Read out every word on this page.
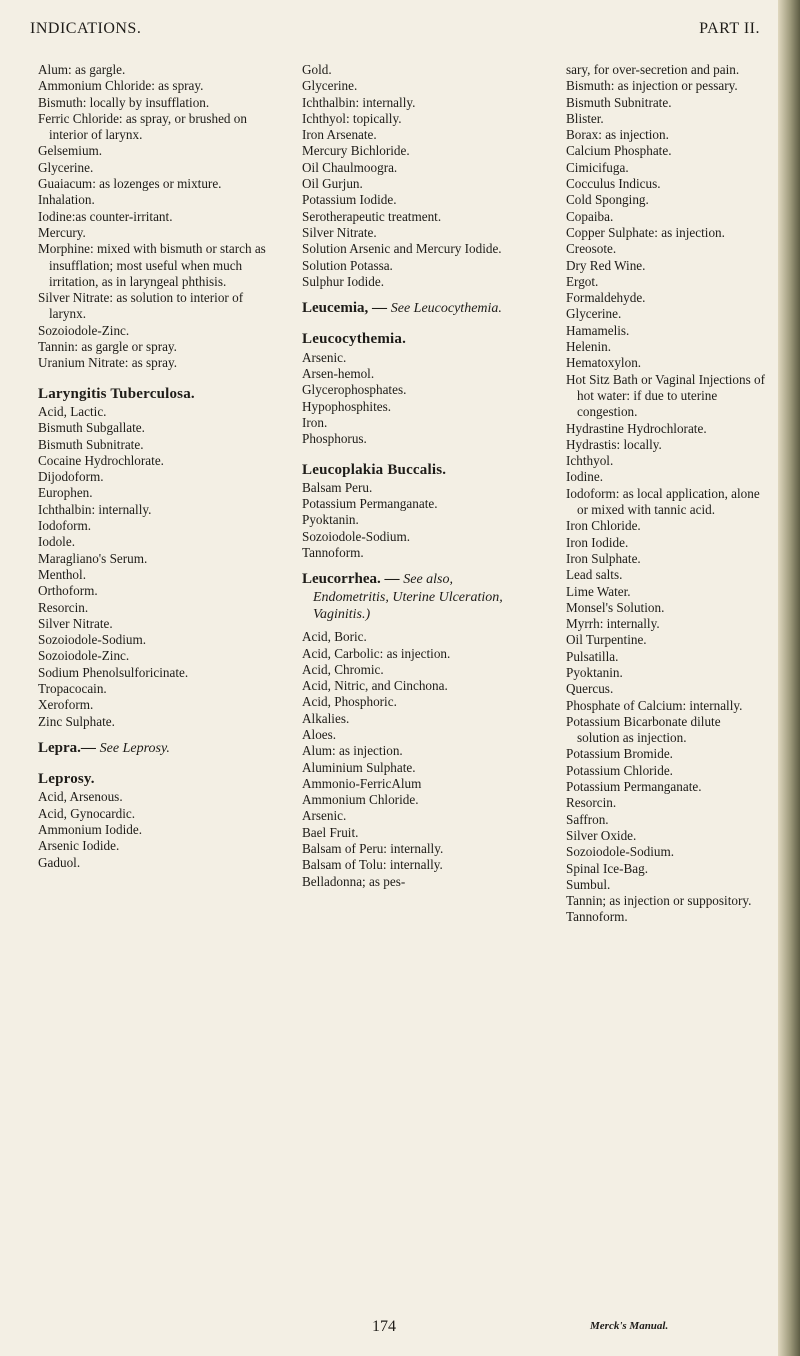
INDICATIONS.	PART II.
Alum: as gargle.
Ammonium Chloride: as spray.
Bismuth: locally by insufflation.
Ferric Chloride: as spray, or brushed on interior of larynx.
Gelsemium.
Glycerine.
Guaiacum: as lozenges or mixture.
Inhalation.
Iodine:as counter-irritant.
Mercury.
Morphine: mixed with bismuth or starch as insufflation; most useful when much irritation, as in laryngeal phthisis.
Silver Nitrate: as solution to interior of larynx.
Sozoiodole-Zinc.
Tannin: as gargle or spray.
Uranium Nitrate: as spray.
Laryngitis Tuberculosa.
Acid, Lactic.
Bismuth Subgallate.
Bismuth Subnitrate.
Cocaine Hydrochlorate.
Dijodoform.
Europhen.
Ichthalbin: internally.
Iodoform.
Iodole.
Maragliano's Serum.
Menthol.
Orthoform.
Resorcin.
Silver Nitrate.
Sozoiodole-Sodium.
Sozoiodole-Zinc.
Sodium Phenolsulforicinate.
Tropacocain.
Xeroform.
Zinc Sulphate.
Lepra.— See Leprosy.
Leprosy.
Acid, Arsenous.
Acid, Gynocardic.
Ammonium Iodide.
Arsenic Iodide.
Gaduol.
Gold.
Glycerine.
Ichthalbin: internally.
Ichthyol: topically.
Iron Arsenate.
Mercury Bichloride.
Oil Chaulmoogra.
Oil Gurjun.
Potassium Iodide.
Serotherapeutic treatment.
Silver Nitrate.
Solution Arsenic and Mercury Iodide.
Solution Potassa.
Sulphur Iodide.
Leucemia, — See Leucocythemia.
Leucocythemia.
Arsenic.
Arsen-hemol.
Glycerophosphates.
Hypophosphites.
Iron.
Phosphorus.
Leucoplakia Buccalis.
Balsam Peru.
Potassium Permanganate.
Pyoktanin.
Sozoiodole-Sodium.
Tannoform.
Leucorrhea. — See also, Endometritis, Uterine Ulceration, Vaginitis.)
Acid, Boric.
Acid, Carbolic: as injection.
Acid, Chromic.
Acid, Nitric, and Cinchona.
Acid, Phosphoric.
Alkalies.
Aloes.
Alum: as injection.
Aluminium Sulphate.
Ammonio-FerricAlum
Ammonium Chloride.
Arsenic.
Bael Fruit.
Balsam of Peru: internally.
Balsam of Tolu: internally.
Belladonna; as pes-
sary, for over-secretion and pain.
Bismuth: as injection or pessary.
Bismuth Subnitrate.
Blister.
Borax: as injection.
Calcium Phosphate.
Cimicifuga.
Cocculus Indicus.
Cold Sponging.
Copaiba.
Copper Sulphate: as injection.
Creosote.
Dry Red Wine.
Ergot.
Formaldehyde.
Glycerine.
Hamamelis.
Helenin.
Hematoxylon.
Hot Sitz Bath or Vaginal Injections of hot water: if due to uterine congestion.
Hydrastine Hydrochlorate.
Hydrastis: locally.
Ichthyol.
Iodine.
Iodoform: as local application, alone or mixed with tannic acid.
Iron Chloride.
Iron Iodide.
Iron Sulphate.
Lead salts.
Lime Water.
Monsel's Solution.
Myrrh: internally.
Oil Turpentine.
Pulsatilla.
Pyoktanin.
Quercus.
Phosphate of Calcium: internally.
Potassium Bicarbonate dilute solution as injection.
Potassium Bromide.
Potassium Chloride.
Potassium Permanganate.
Resorcin.
Saffron.
Silver Oxide.
Sozoiodole-Sodium.
Spinal Ice-Bag.
Sumbul.
Tannin; as injection or suppository.
Tannoform.
174	Merck's Manual.
